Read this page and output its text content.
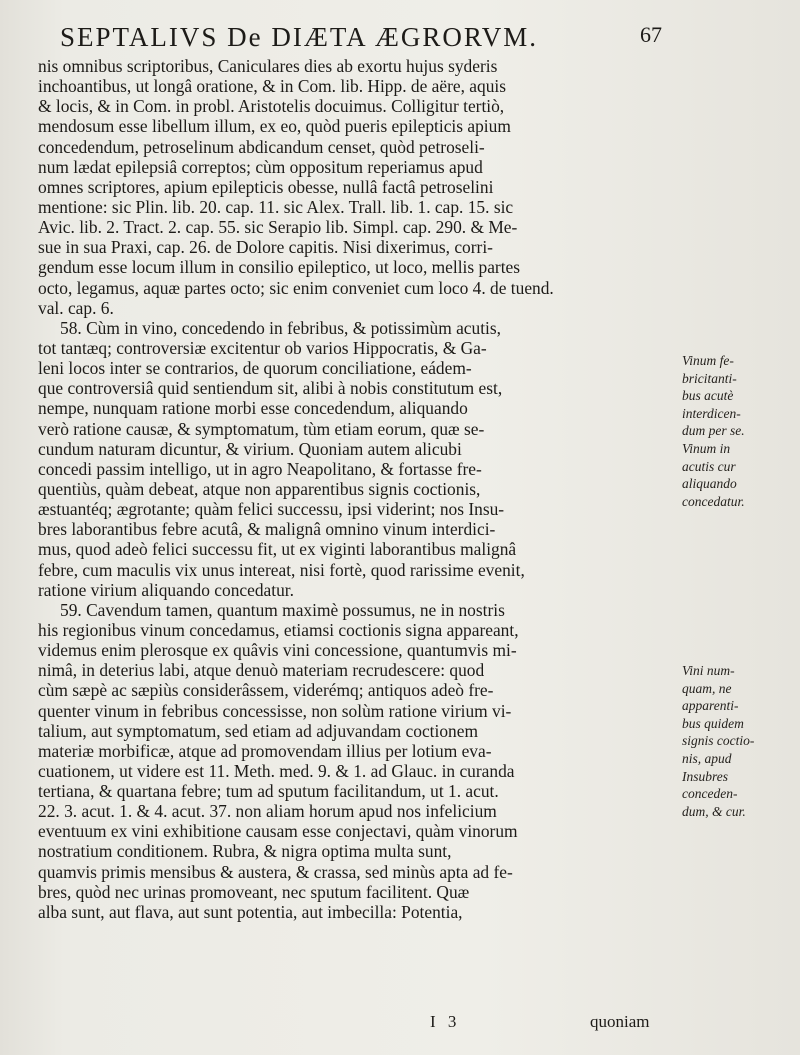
SEPTALIVS De DIÆTA ÆGRORVM.	67

nis omnibus scriptoribus, Caniculares dies ab exortu hujus syderis
inchoantibus, ut longâ oratione, & in Com. lib. Hipp. de aëre, aquis
& locis, & in Com. in probl. Aristotelis docuimus. Colligitur tertiò,
mendosum esse libellum illum, ex eo, quòd pueris epilepticis apium
concedendum, petroselinum abdicandum censet, quòd petroseli-
num lædat epilepsiâ correptos; cùm oppositum reperiamus apud
omnes scriptores, apium epilepticis obesse, nullâ factâ petroselini
mentione: sic Plin. lib. 20. cap. 11. sic Alex. Trall. lib. 1. cap. 15. sic
Avic. lib. 2. Tract. 2. cap. 55. sic Serapio lib. Simpl. cap. 290. & Me-
sue in sua Praxi, cap. 26. de Dolore capitis. Nisi dixerimus, corri-
gendum esse locum illum in consilio epileptico, ut loco, mellis partes
octo, legamus, aquæ partes octo; sic enim conveniet cum loco 4. de tuend.
val. cap. 6.

58. Cùm in vino, concedendo in febribus, & potissimùm acutis,
tot tantæq; controversiæ excitentur ob varios Hippocratis, & Ga-
leni locos inter se contrarios, de quorum conciliatione, eádem-
que controversiâ quid sentiendum sit, alibi à nobis constitutum est,
nempe, nunquam ratione morbi esse concedendum, aliquando
verò ratione causæ, & symptomatum, tùm etiam eorum, quæ se-
cundum naturam dicuntur, & virium. Quoniam autem alicubi
concedi passim intelligo, ut in agro Neapolitano, & fortasse fre-
quentiùs, quàm debeat, atque non apparentibus signis coctionis,
æstuantéq; ægrotante; quàm felici successu, ipsi viderint; nos Insu-
bres laborantibus febre acutâ, & malignâ omnino vinum interdici-
mus, quod adeò felici successu fit, ut ex viginti laborantibus malignâ
febre, cum maculis vix unus intereat, nisi fortè, quod rarissime evenit,
ratione virium aliquando concedatur.

59. Cavendum tamen, quantum maximè possumus, ne in nostris
his regionibus vinum concedamus, etiamsi coctionis signa appareant,
videmus enim plerosque ex quâvis vini concessione, quantumvis mi-
nimâ, in deterius labi, atque denuò materiam recrudescere: quod
cùm sæpè ac sæpiùs considerâssem, viderémq; antiquos adeò fre-
quenter vinum in febribus concessisse, non solùm ratione virium vi-
talium, aut symptomatum, sed etiam ad adjuvandam coctionem
materiæ morbificæ, atque ad promovendam illius per lotium eva-
cuationem, ut videre est 11. Meth. med. 9. & 1. ad Glauc. in curanda
tertiana, & quartana febre; tum ad sputum facilitandum, ut 1. acut.
22. 3. acut. 1. & 4. acut. 37. non aliam horum apud nos infelicium
eventuum ex vini exhibitione causam esse conjectavi, quàm vinorum
nostratium conditionem. Rubra, & nigra optima multa sunt,
quamvis primis mensibus & austera, & crassa, sed minùs apta ad fe-
bres, quòd nec urinas promoveant, nec sputum facilitent. Quæ
alba sunt, aut flava, aut sunt potentia, aut imbecilla: Potentia,

Vinum fe-
bricitanti-
bus acutè
interdicen-
dum per se.
Vinum in
acutis cur
aliquando
concedatur.
Vini num-
quam, ne
apparenti-
bus quidem
signis coctio-
nis, apud
Insubres
conceden-
dum, & cur.
I 3	quoniam
